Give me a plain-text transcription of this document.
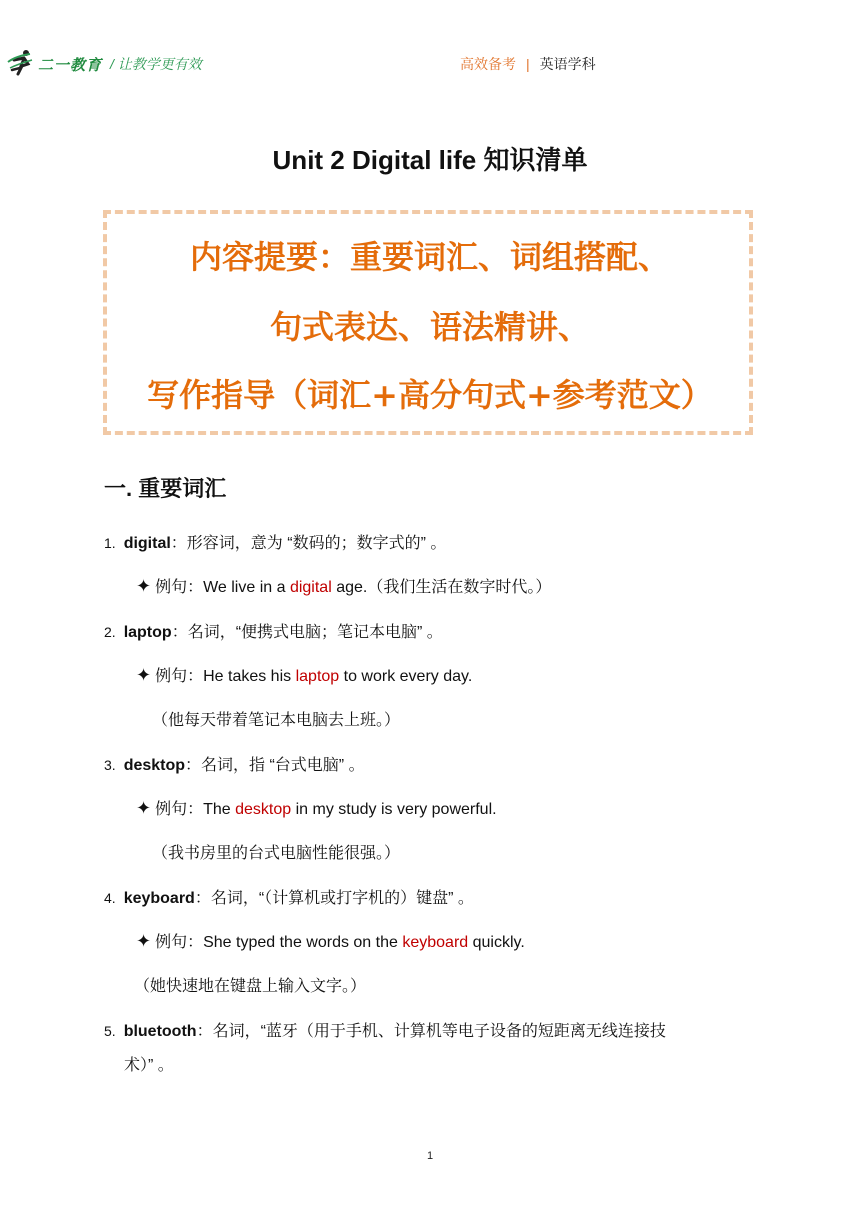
二一教育 / 让教学更有效	高效备考 | 英语学科
Unit 2 Digital life 知识清单
内容提要：重要词汇、词组搭配、
句式表达、语法精讲、
写作指导（词汇+高分句式+参考范文）
一. 重要词汇
1. digital：形容词，意为 “数码的；数字式的” 。
✦ 例句：We live in a digital age.（我们生活在数字时代。）
2. laptop：名词，“便携式电脑；笔记本电脑” 。
✦ 例句：He takes his laptop to work every day.
（他每天带着笔记本电脑去上班。）
3. desktop：名词，指 “台式电脑” 。
✦ 例句：The desktop in my study is very powerful.
（我书房里的台式电脑性能很强。）
4. keyboard：名词，“（计算机或打字机的）键盘” 。
✦ 例句：She typed the words on the keyboard quickly.
（她快速地在键盘上输入文字。）
5. bluetooth：名词，“蓝牙（用于手机、计算机等电子设备的短距离无线连接技
术）” 。
1
